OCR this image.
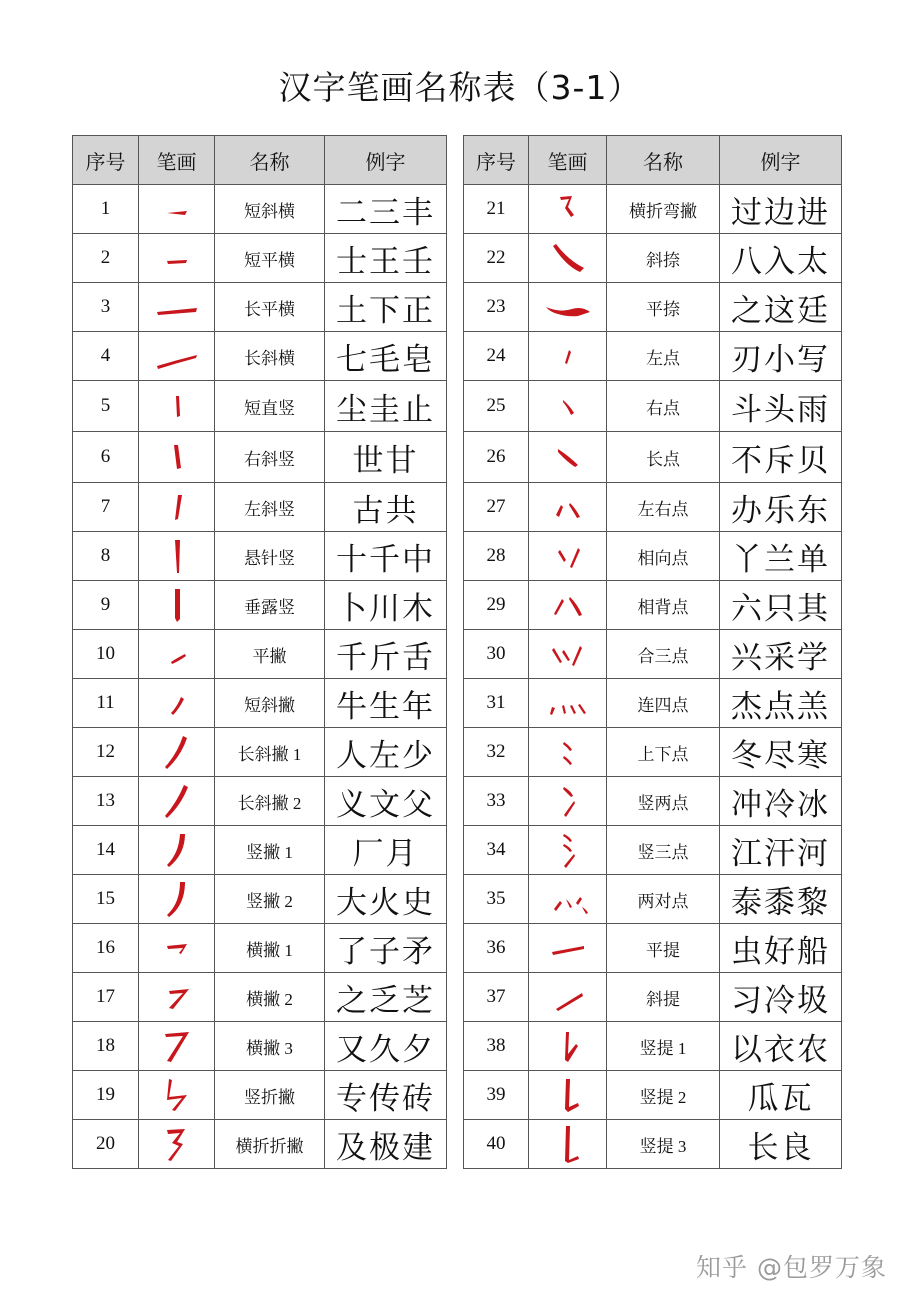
汉字笔画名称表（3-1）
序号	笔画	名称	例字
1		短斜横	二三丰
2		短平横	士王壬
3		长平横	土下正
4		长斜横	七毛皂
5		短直竖	尘圭止
6		右斜竖	世甘
7		左斜竖	古共
8		悬针竖	十千中
9		垂露竖	卜川木
10		平撇	千斤舌
11		短斜撇	牛生年
12		长斜撇 1	人左少
13		长斜撇 2	义文父
14		竖撇 1	厂月
15		竖撇 2	大火史
16		横撇 1	了子矛
17		横撇 2	之乏芝
18		横撇 3	又久夕
19		竖折撇	专传砖
20		横折折撇	及极建
序号	笔画	名称	例字
21		横折弯撇	过边进
22		斜捺	八入太
23		平捺	之这廷
24		左点	刃小写
25		右点	斗头雨
26		长点	不斥贝
27		左右点	办乐东
28		相向点	丫兰单
29		相背点	六只其
30		合三点	兴采学
31		连四点	杰点羔
32		上下点	冬尽寒
33		竖两点	冲冷冰
34		竖三点	江汗河
35		两对点	泰黍黎
36		平提	虫好船
37		斜提	习冷圾
38		竖提 1	以衣农
39		竖提 2	瓜瓦
40		竖提 3	长良
知乎 @包罗万象
